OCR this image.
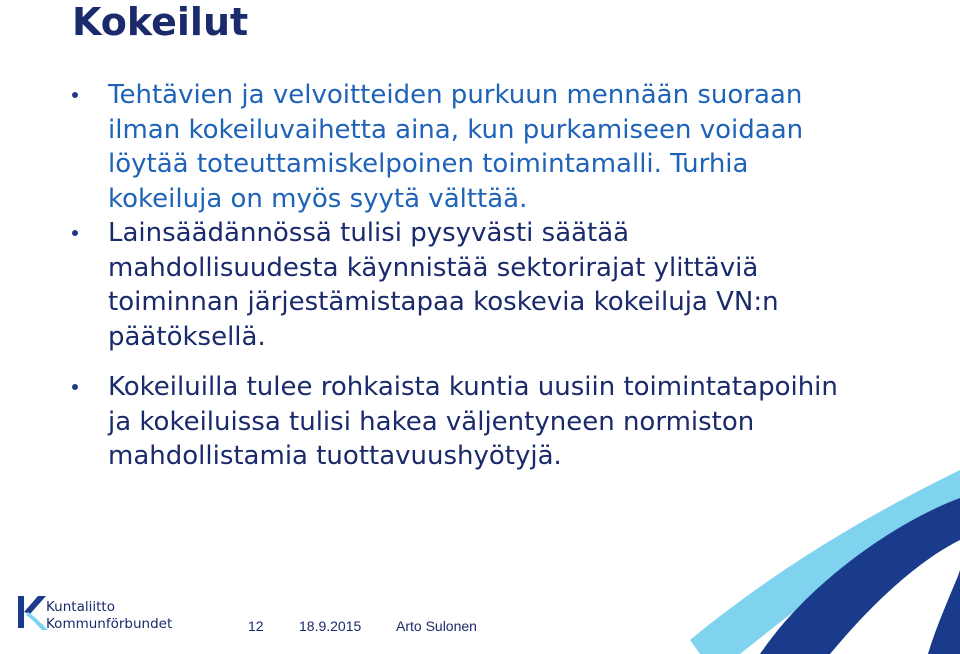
Kokeilut
Tehtävien ja velvoitteiden purkuun mennään suoraan
ilman kokeiluvaihetta aina, kun purkamiseen voidaan
löytää toteuttamiskelpoinen toimintamalli. Turhia
kokeiluja on myös syytä välttää.
Lainsäädännössä tulisi pysyvästi säätää
mahdollisuudesta käynnistää sektorirajat ylittäviä
toiminnan järjestämistapaa koskevia kokeiluja VN:n
päätöksellä.
Kokeiluilla tulee rohkaista kuntia uusiin toimintatapoihin
ja kokeiluissa tulisi hakea väljentyneen normiston
mahdollistamia tuottavuushyötyjä.
Kuntaliitto
Kommunförbundet	12	18.9.2015 Arto Sulonen
